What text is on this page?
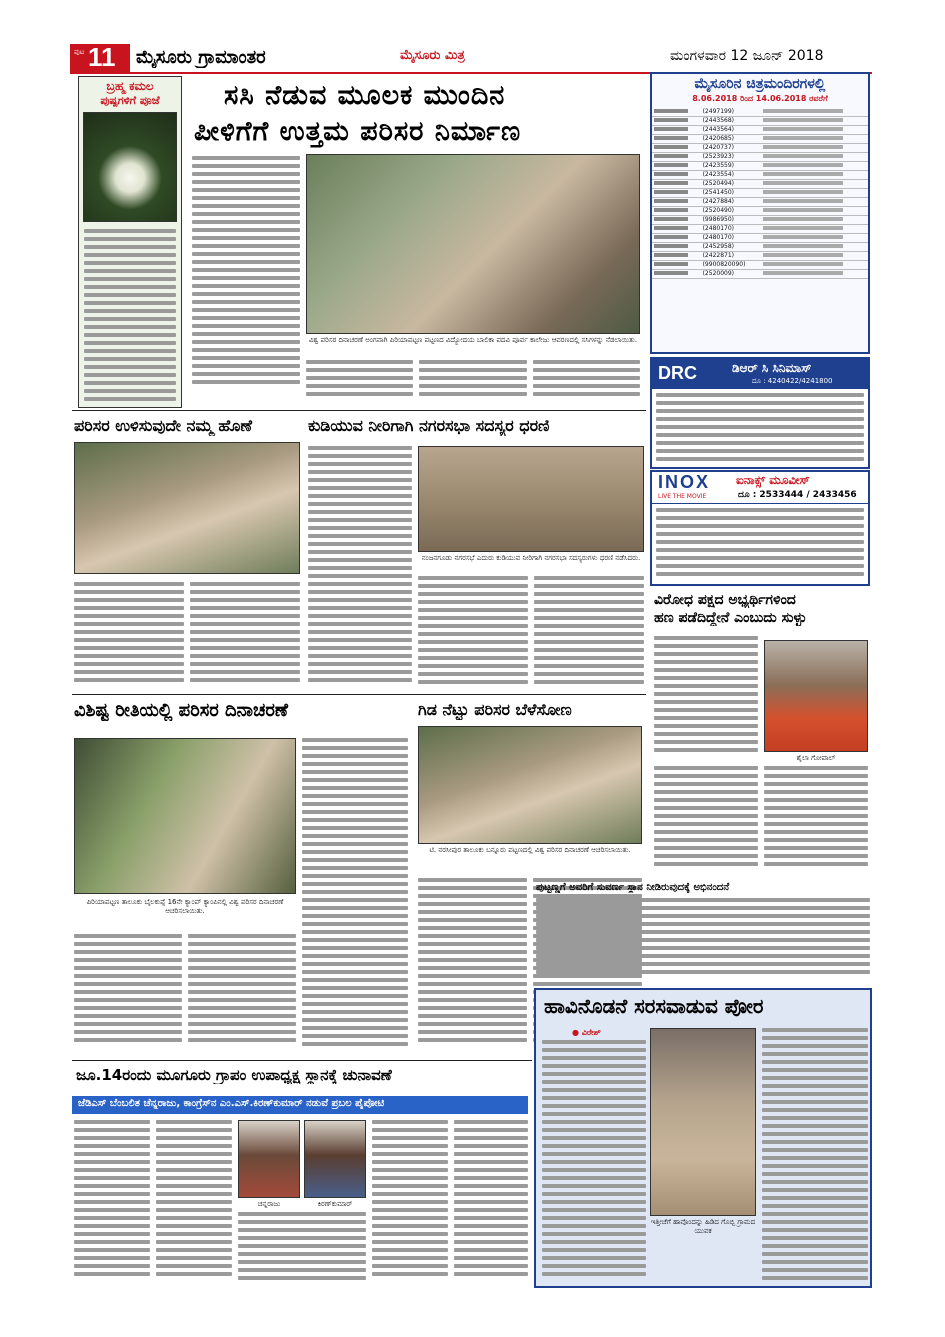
ಪುಟ 11 ಮೈಸೂರು ಗ್ರಾಮಾಂತರ	ಮೈಸೂರು ಮಿತ್ರ	ಮಂಗಳವಾರ 12 ಜೂನ್ 2018
ಬ್ರಹ್ಮ ಕಮಲ
ಪುಷ್ಪಗಳಿಗೆ ಪೂಜೆ	ಸಸಿ ನೆಡುವ ಮೂಲಕ ಮುಂದಿನ
ಪೀಳಿಗೆಗೆ ಉತ್ತಮ ಪರಿಸರ ನಿರ್ಮಾಣ
ವಿಶ್ವ ಪರಿಸರ ದಿನಾಚರಣೆ ಅಂಗವಾಗಿ ಪಿರಿಯಾಪಟ್ಟಣ ಪಟ್ಟಣದ ವಿದ್ಯೋದಯ ಬಾಲಿಕಾ ಪದವಿ ಪೂರ್ವ ಕಾಲೇಜು ಆವರಣದಲ್ಲಿ ಸಸಿಗಳನ್ನು ನೆಡಲಾಯಿತು.
ಮೈಸೂರಿನ ಚಿತ್ರಮಂದಿರಗಳಲ್ಲಿ
8.06.2018 ರಿಂದ 14.06.2018 ರವರೆಗೆ
	(2497199)	
	(2443568)	
	(2443564)	
	(2420685)	
	(2420737)	
	(2523923)	
	(2423559)	
	(2423554)	
	(2520494)	
	(2541450)	
	(2427884)	
	(2520490)	
	(9986950)	
	(2480170)	
	(2480170)	
	(2452958)	
	(2422871)	
	(9900820090)	
	(2520009)	
DRC	ಡಿಆರ್ ಸಿ ಸಿನಿಮಾಸ್
ದೂ : 4240422/4241800
INOX
LIVE THE MOVIE
ಐನಾಕ್ಸ್ ಮೂವೀಸ್
ದೂ : 2533444 / 2433456
ಪರಿಸರ ಉಳಿಸುವುದೇ ನಮ್ಮ ಹೊಣೆ	ಕುಡಿಯುವ ನೀರಿಗಾಗಿ ನಗರಸಭಾ ಸದಸ್ಯರ ಧರಣಿ
ನಂಜನಗೂಡು ನಗರಸಭೆ ಎದುರು ಕುಡಿಯುವ ನೀರಿಗಾಗಿ ನಗರಸಭಾ ಸದಸ್ಯರುಗಳು ಧರಣಿ ನಡೆಸಿದರು.
ವಿರೋಧ ಪಕ್ಷದ ಅಭ್ಯರ್ಥಿಗಳಿಂದ
ಹಣ ಪಡೆದಿದ್ದೇನೆ ಎಂಬುದು ಸುಳ್ಳು
ಶೈಲಾ ಗೋಪಾಲ್
ವಿಶಿಷ್ಟ ರೀತಿಯಲ್ಲಿ ಪರಿಸರ ದಿನಾಚರಣೆ
ಪಿರಿಯಾಪಟ್ಟಣ ತಾಲೂಕು ಬೈಲಕುಪ್ಪೆ 16ನೇ ಕ್ಯಾಂಪ್ ಕ್ಯಾಂಪಿನಲ್ಲಿ ವಿಶ್ವ ಪರಿಸರ ದಿನಾಚರಣೆ ಆಚರಿಸಲಾಯಿತು.
ಗಿಡ ನೆಟ್ಟು ಪರಿಸರ ಬೆಳೆಸೋಣ
ಟಿ. ನರಸೀಪುರ ತಾಲೂಕು ಬನ್ನೂರು ಪಟ್ಟಣದಲ್ಲಿ ವಿಶ್ವ ಪರಿಸರ ದಿನಾಚರಣೆ ಆಚರಿಸಲಾಯಿತು.
ಪುಟ್ಟಣ್ಣಗೆ ಅವರಿಗೆ ಸುವರ್ಣ ಸ್ಥಾನ ನೀಡಿರುವುದಕ್ಕೆ ಅಭಿನಂದನೆ
ಹಾವಿನೊಡನೆ ಸರಸವಾಡುವ ಪೋರ
● ವಿರೇಶ್
ಇತ್ತೀಚೆಗೆ ಹಾವೊಂದನ್ನು ಹಿಡಿದ ಗೊಬ್ಬಿ ಗ್ರಾಮದ ಯುವಕ
ಜೂ.14ರಂದು ಮೂಗೂರು ಗ್ರಾಪಂ ಉಪಾಧ್ಯಕ್ಷ ಸ್ಥಾನಕ್ಕೆ ಚುನಾವಣೆ
ಜೆಡಿಎಸ್ ಬೆಂಬಲಿತ ಚೆನ್ನರಾಜು, ಕಾಂಗ್ರೆಸ್‌ನ ಎಂ.ಎಸ್.ಕಿರಣ್‌ಕುಮಾರ್ ನಡುವೆ ಪ್ರಬಲ ಪೈಪೋಟಿ
ಚನ್ನರಾಜು	ಕಿರಣ್‌ಕುಮಾರ್
